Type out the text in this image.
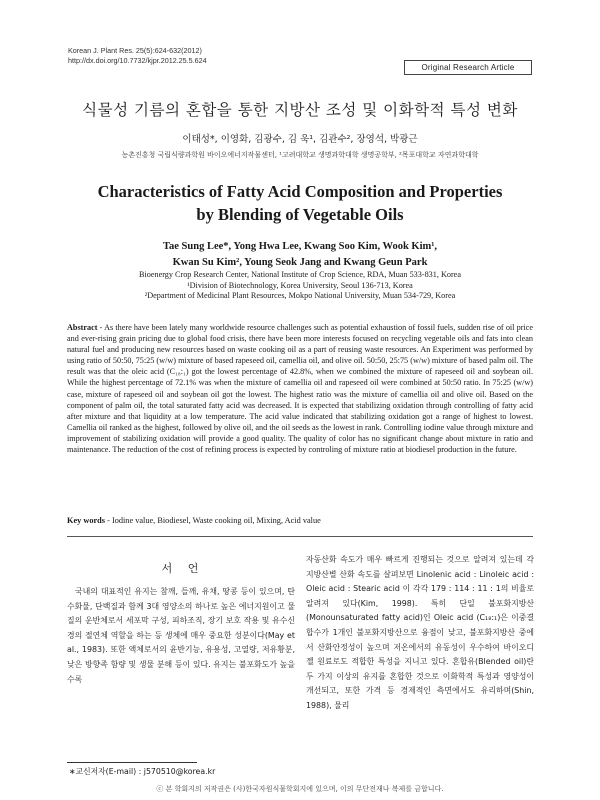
Korean J. Plant Res. 25(5):624-632(2012)
http://dx.doi.org/10.7732/kjpr.2012.25.5.624
Original Research Article
식물성 기름의 혼합을 통한 지방산 조성 및 이화학적 특성 변화
이태성*, 이영화, 김광수, 김 욱¹, 김관수², 장영석, 박광근
농촌진흥청 국립식량과학원 바이오에너지작물센터, ¹고려대학교 생명과학대학 생명공학부, ²목포대학교 자연과학대학
Characteristics of Fatty Acid Composition and Properties
by Blending of Vegetable Oils
Tae Sung Lee*, Yong Hwa Lee, Kwang Soo Kim, Wook Kim¹,
Kwan Su Kim², Young Seok Jang and Kwang Geun Park
Bioenergy Crop Research Center, National Institute of Crop Science, RDA, Muan 533-831, Korea
¹Division of Biotechnology, Korea University, Seoul 136-713, Korea
²Department of Medicinal Plant Resources, Mokpo National University, Muan 534-729, Korea
Abstract - As there have been lately many worldwide resource challenges such as potential exhaustion of fossil fuels, sudden rise of oil price and ever-rising grain pricing due to global food crisis, there have been more interests focused on recycling vegetable oils and fats into clean natural fuel and producing new resources based on waste cooking oil as a part of reusing waste resources. An Experiment was performed by using ratio of 50:50, 75:25 (w/w) mixture of based rapeseed oil, camellia oil, and olive oil. 50:50, 25:75 (w/w) mixture of based palm oil. The result was that the oleic acid (C₁₈:₁) got the lowest percentage of 42.8%, when we combined the mixture of rapeseed oil and soybean oil. While the highest percentage of 72.1% was when the mixture of camellia oil and rapeseed oil were combined at 50:50 ratio. In 75:25 (w/w) case, mixture of rapeseed oil and soybean oil got the lowest. The highest ratio was the mixture of camellia oil and olive oil. Based on the component of palm oil, the total saturated fatty acid was decreased. It is expected that stabilizing oxidation through controlling of fatty acid after mixture and that liquidity at a low temperature. The acid value indicated that stabilizing oxidation got a range of highest to lowest. Camellia oil ranked as the highest, followed by olive oil, and the oil seeds as the lowest in rank. Controlling iodine value through mixture and improvement of stabilizing oxidation will provide a good quality. The quality of color has no significant change about mixture in ratio and maintenance. The reduction of the cost of refining process is expected by controling of mixture ratio at biodiesel production in the future.
Key words - Iodine value, Biodiesel, Waste cooking oil, Mixing, Acid value
서 언

국내의 대표적인 유지는 참깨, 들깨, 유채, 땅콩 등이 있으며, 탄수화물, 단백질과 함께 3대 영양소의 하나로 높은 에너지원이고 물질의 운반체로서 세포막 구성, 피하조직, 장기 보호 작용 및 유수신경의 절연체 역할을 하는 등 생체에 매우 중요한 성분이다(May et al., 1983). 또한 액체로서의 윤반기능, 유용성, 고열량, 저유황분, 낮은 방향족 함량 및 생물 분해 등이 있다. 유지는 불포화도가 높을수록

자동산화 속도가 매우 빠르게 진행되는 것으로 알려져 있는데 각 지방산별 산화 속도를 살펴보면 Linolenic acid : Linoleic acid : Oleic acid : Stearic acid 이 각각 179 : 114 : 11 : 1의 비율로 알려져 있다(Kim, 1998). 특히 단일 불포화지방산(Monounsaturated fatty acid)인 Oleic acid (C₁₈:₁)은 이중결합수가 1개인 불포화지방산으로 융점이 낮고, 불포화지방산 중에서 산화안정성이 높으며 저온에서의 유동성이 우수하여 바이오디젤 원료로도 적합한 특성을 지니고 있다. 혼합유(Blended oil)란 두 가지 이상의 유지를 혼합한 것으로 이화학적 특성과 영양성이 개선되고, 또한 가격 등 경제적인 측면에서도 유리하며(Shin, 1988), 물리

∗교신저자(E-mail) : j570510@korea.kr
ⓒ 본 학회지의 저작권은 (사)한국자원식물학회지에 있으며, 이의 무단전재나 복제를 금합니다.
